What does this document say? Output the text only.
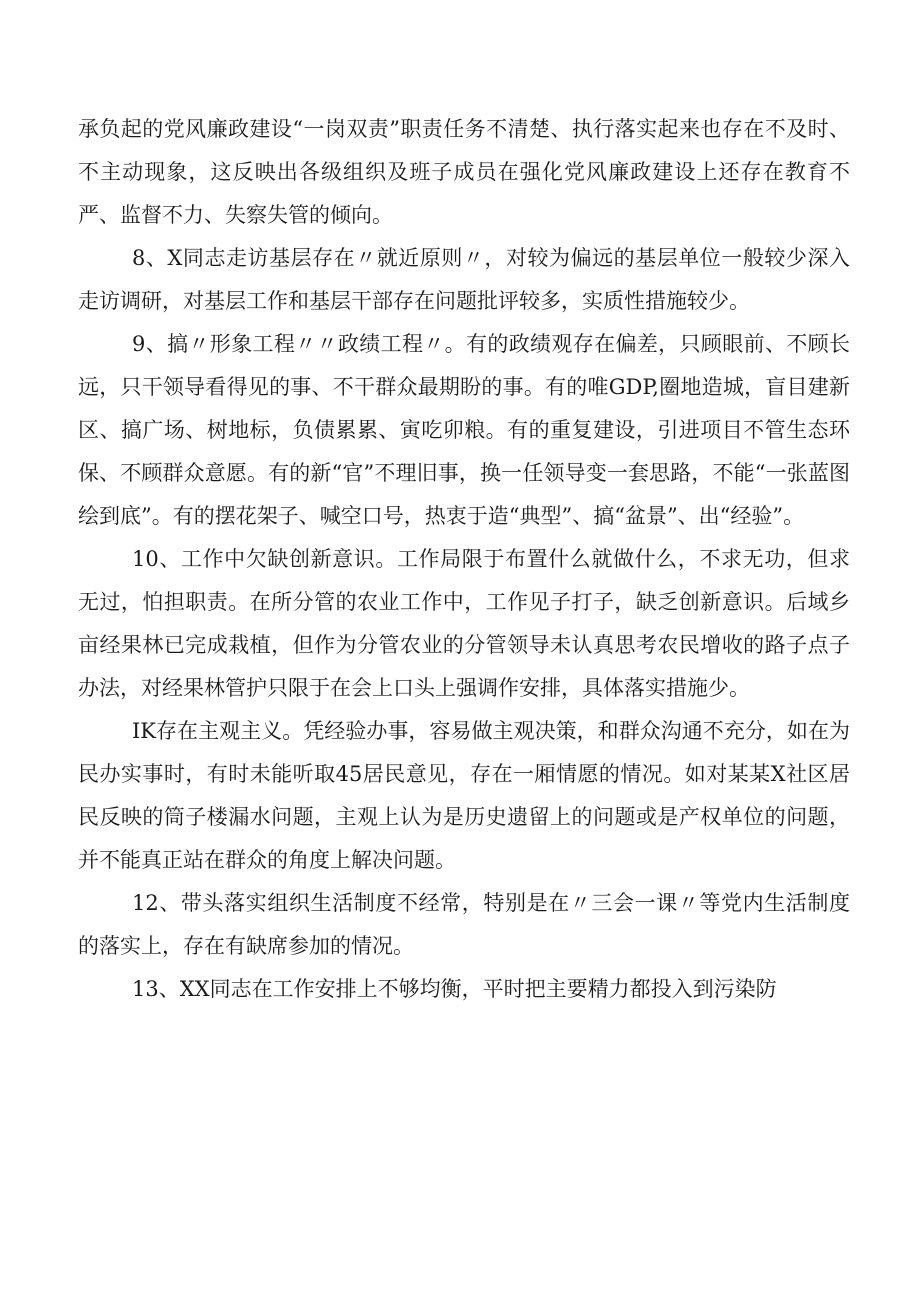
承负起的党风廉政建设“一岗双责”职责任务不清楚、执行落实起来也存在不及时、不主动现象，这反映出各级组织及班子成员在强化党风廉政建设上还存在教育不严、监督不力、失察失管的倾向。

8、X同志走访基层存在〃就近原则〃，对较为偏远的基层单位一般较少深入走访调研，对基层工作和基层干部存在问题批评较多，实质性措施较少。

9、搞〃形象工程〃〃政绩工程〃。有的政绩观存在偏差，只顾眼前、不顾长远，只干领导看得见的事、不干群众最期盼的事。有的唯GDP,圈地造城，盲目建新区、搞广场、树地标，负债累累、寅吃卯粮。有的重复建设，引进项目不管生态环保、不顾群众意愿。有的新“官”不理旧事，换一任领导变一套思路，不能“一张蓝图绘到底”。有的摆花架子、喊空口号，热衷于造“典型”、搞“盆景”、出“经验”。

10、工作中欠缺创新意识。工作局限于布置什么就做什么，不求无功，但求无过，怕担职责。在所分管的农业工作中，工作见子打子，缺乏创新意识。后域乡亩经果林已完成栽植，但作为分管农业的分管领导未认真思考农民增收的路子点子办法，对经果林管护只限于在会上口头上强调作安排，具体落实措施少。

IK存在主观主义。凭经验办事，容易做主观决策，和群众沟通不充分，如在为民办实事时，有时未能听取45居民意见，存在一厢情愿的情况。如对某某X社区居民反映的筒子楼漏水问题，主观上认为是历史遗留上的问题或是产权单位的问题，并不能真正站在群众的角度上解决问题。

12、带头落实组织生活制度不经常，特别是在〃三会一课〃等党内生活制度的落实上，存在有缺席参加的情况。

13、XX同志在工作安排上不够均衡，平时把主要精力都投入到污染防
